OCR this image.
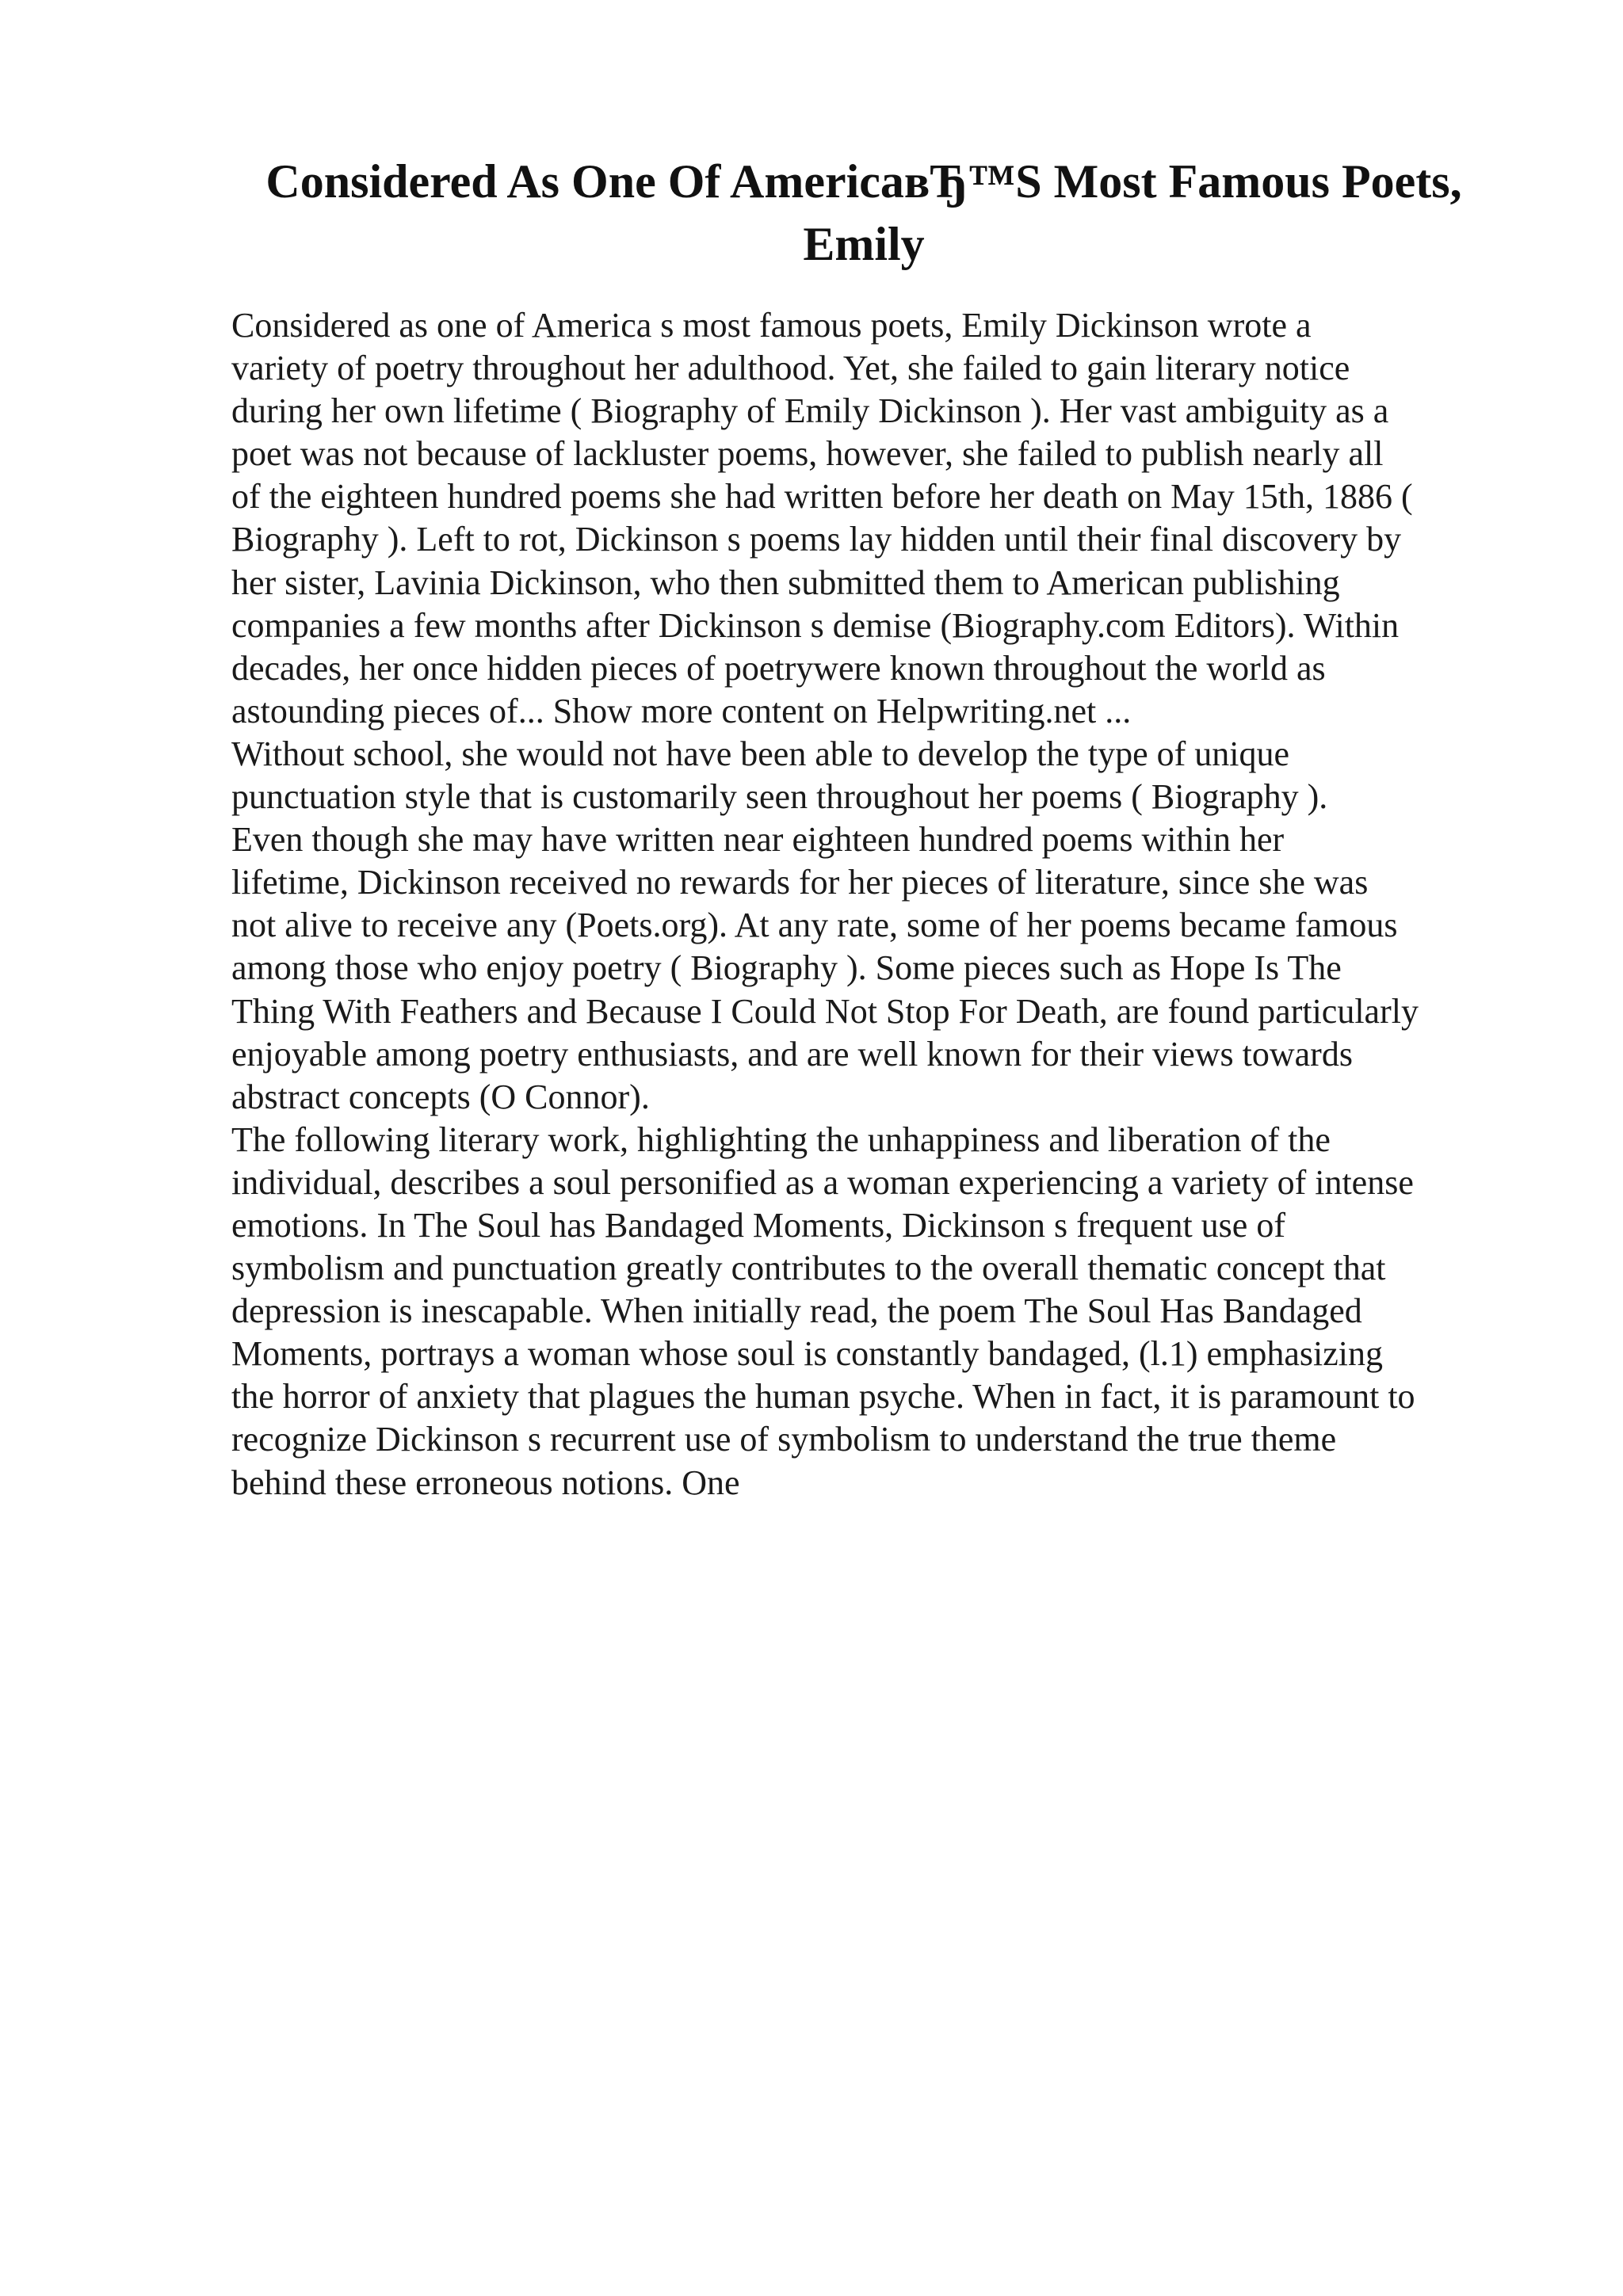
Considered As One Of AmericaвЂ™S Most Famous Poets,
Emily
Considered as one of America s most famous poets, Emily Dickinson wrote a
variety of poetry throughout her adulthood. Yet, she failed to gain literary notice
during her own lifetime ( Biography of Emily Dickinson ). Her vast ambiguity as a
poet was not because of lackluster poems, however, she failed to publish nearly all
of the eighteen hundred poems she had written before her death on May 15th, 1886 (
Biography ). Left to rot, Dickinson s poems lay hidden until their final discovery by
her sister, Lavinia Dickinson, who then submitted them to American publishing
companies a few months after Dickinson s demise (Biography.com Editors). Within
decades, her once hidden pieces of poetrywere known throughout the world as
astounding pieces of... Show more content on Helpwriting.net ...
Without school, she would not have been able to develop the type of unique
punctuation style that is customarily seen throughout her poems ( Biography ).
Even though she may have written near eighteen hundred poems within her
lifetime, Dickinson received no rewards for her pieces of literature, since she was
not alive to receive any (Poets.org). At any rate, some of her poems became famous
among those who enjoy poetry ( Biography ). Some pieces such as Hope Is The
Thing With Feathers and Because I Could Not Stop For Death, are found particularly
enjoyable among poetry enthusiasts, and are well known for their views towards
abstract concepts (O Connor).
The following literary work, highlighting the unhappiness and liberation of the
individual, describes a soul personified as a woman experiencing a variety of intense
emotions. In The Soul has Bandaged Moments, Dickinson s frequent use of
symbolism and punctuation greatly contributes to the overall thematic concept that
depression is inescapable. When initially read, the poem The Soul Has Bandaged
Moments, portrays a woman whose soul is constantly bandaged, (l.1) emphasizing
the horror of anxiety that plagues the human psyche. When in fact, it is paramount to
recognize Dickinson s recurrent use of symbolism to understand the true theme
behind these erroneous notions. One
